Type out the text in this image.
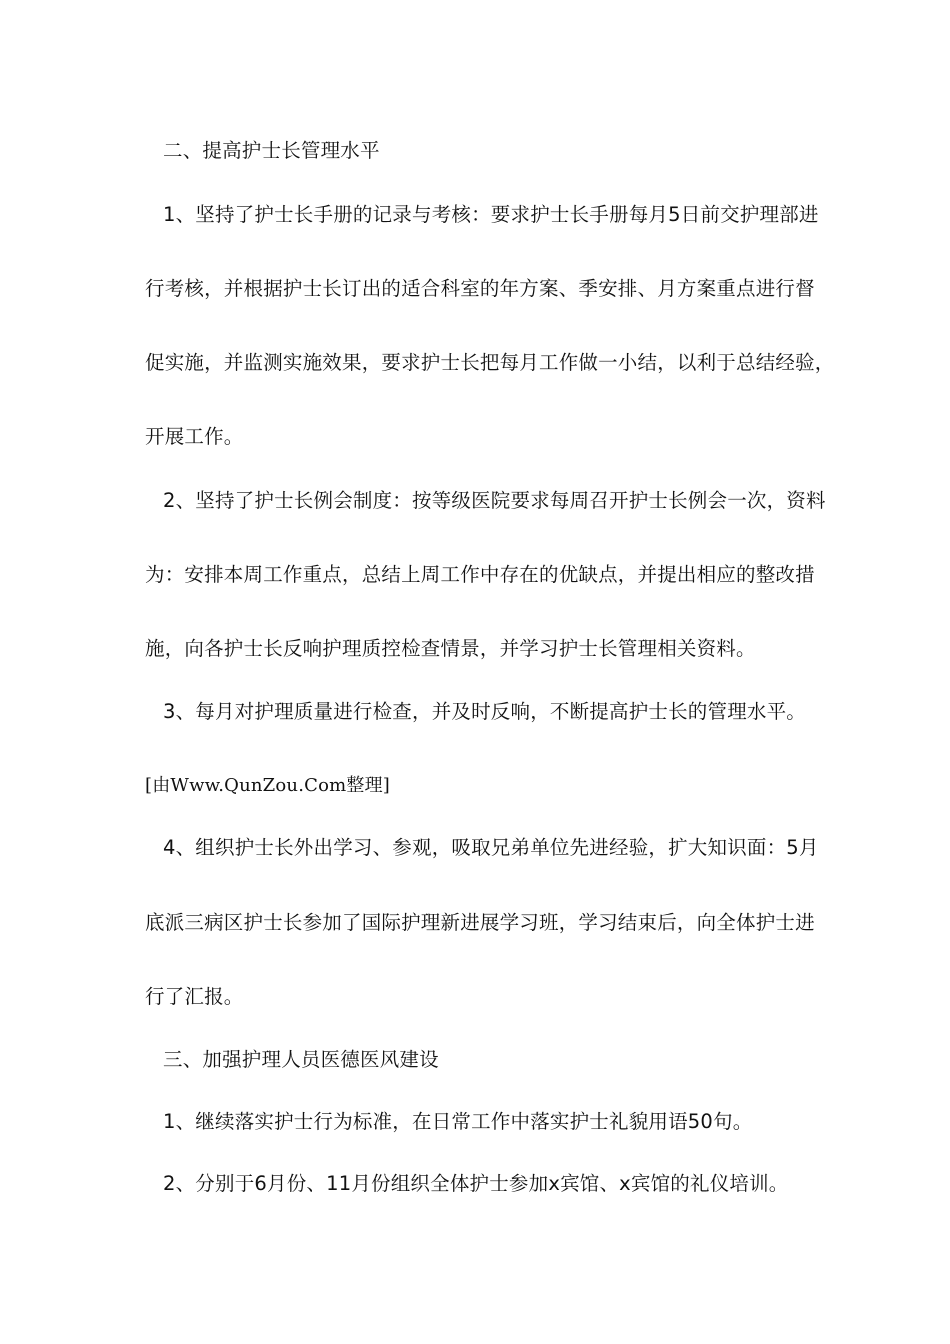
二、提高护士长管理水平
1、坚持了护士长手册的记录与考核：要求护士长手册每月5日前交护理部进
行考核，并根据护士长订出的适合科室的年方案、季安排、月方案重点进行督
促实施，并监测实施效果，要求护士长把每月工作做一小结，以利于总结经验，
开展工作。
2、坚持了护士长例会制度：按等级医院要求每周召开护士长例会一次，资料
为：安排本周工作重点，总结上周工作中存在的优缺点，并提出相应的整改措
施，向各护士长反响护理质控检查情景，并学习护士长管理相关资料。
3、每月对护理质量进行检查，并及时反响，不断提高护士长的管理水平。
[由Www.QunZou.Com整理]
4、组织护士长外出学习、参观，吸取兄弟单位先进经验，扩大知识面：5月
底派三病区护士长参加了国际护理新进展学习班，学习结束后，向全体护士进
行了汇报。
三、加强护理人员医德医风建设
1、继续落实护士行为标准，在日常工作中落实护士礼貌用语50句。
2、分别于6月份、11月份组织全体护士参加x宾馆、x宾馆的礼仪培训。
